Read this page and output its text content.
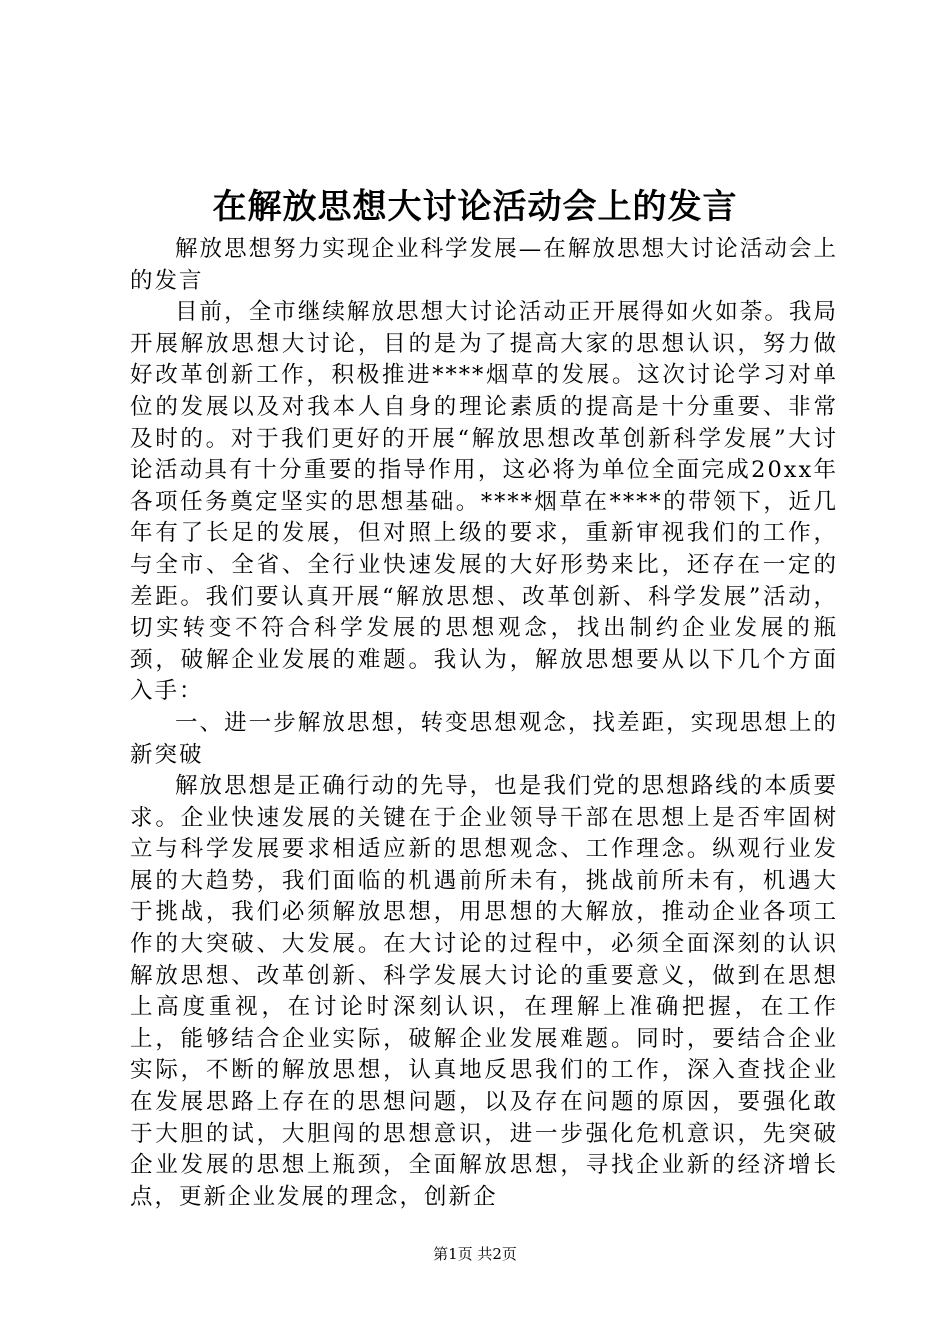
在解放思想大讨论活动会上的发言

解放思想努力实现企业科学发展—在解放思想大讨论活动会上的发言

目前，全市继续解放思想大讨论活动正开展得如火如荼。我局开展解放思想大讨论，目的是为了提高大家的思想认识，努力做好改革创新工作，积极推进****烟草的发展。这次讨论学习对单位的发展以及对我本人自身的理论素质的提高是十分重要、非常及时的。对于我们更好的开展“解放思想改革创新科学发展”大讨论活动具有十分重要的指导作用，这必将为单位全面完成20xx年各项任务奠定坚实的思想基础。****烟草在****的带领下，近几年有了长足的发展，但对照上级的要求，重新审视我们的工作，与全市、全省、全行业快速发展的大好形势来比，还存在一定的差距。我们要认真开展“解放思想、改革创新、科学发展”活动，切实转变不符合科学发展的思想观念，找出制约企业发展的瓶颈，破解企业发展的难题。我认为，解放思想要从以下几个方面入手：

一、进一步解放思想，转变思想观念，找差距，实现思想上的新突破

解放思想是正确行动的先导，也是我们党的思想路线的本质要求。企业快速发展的关键在于企业领导干部在思想上是否牢固树立与科学发展要求相适应新的思想观念、工作理念。纵观行业发展的大趋势，我们面临的机遇前所未有，挑战前所未有，机遇大于挑战，我们必须解放思想，用思想的大解放，推动企业各项工作的大突破、大发展。在大讨论的过程中，必须全面深刻的认识解放思想、改革创新、科学发展大讨论的重要意义，做到在思想上高度重视，在讨论时深刻认识，在理解上准确把握，在工作上，能够结合企业实际，破解企业发展难题。同时，要结合企业实际，不断的解放思想，认真地反思我们的工作，深入查找企业在发展思路上存在的思想问题，以及存在问题的原因，要强化敢于大胆的试，大胆闯的思想意识，进一步强化危机意识，先突破企业发展的思想上瓶颈，全面解放思想，寻找企业新的经济增长点，更新企业发展的理念，创新企

第1页 共2页
